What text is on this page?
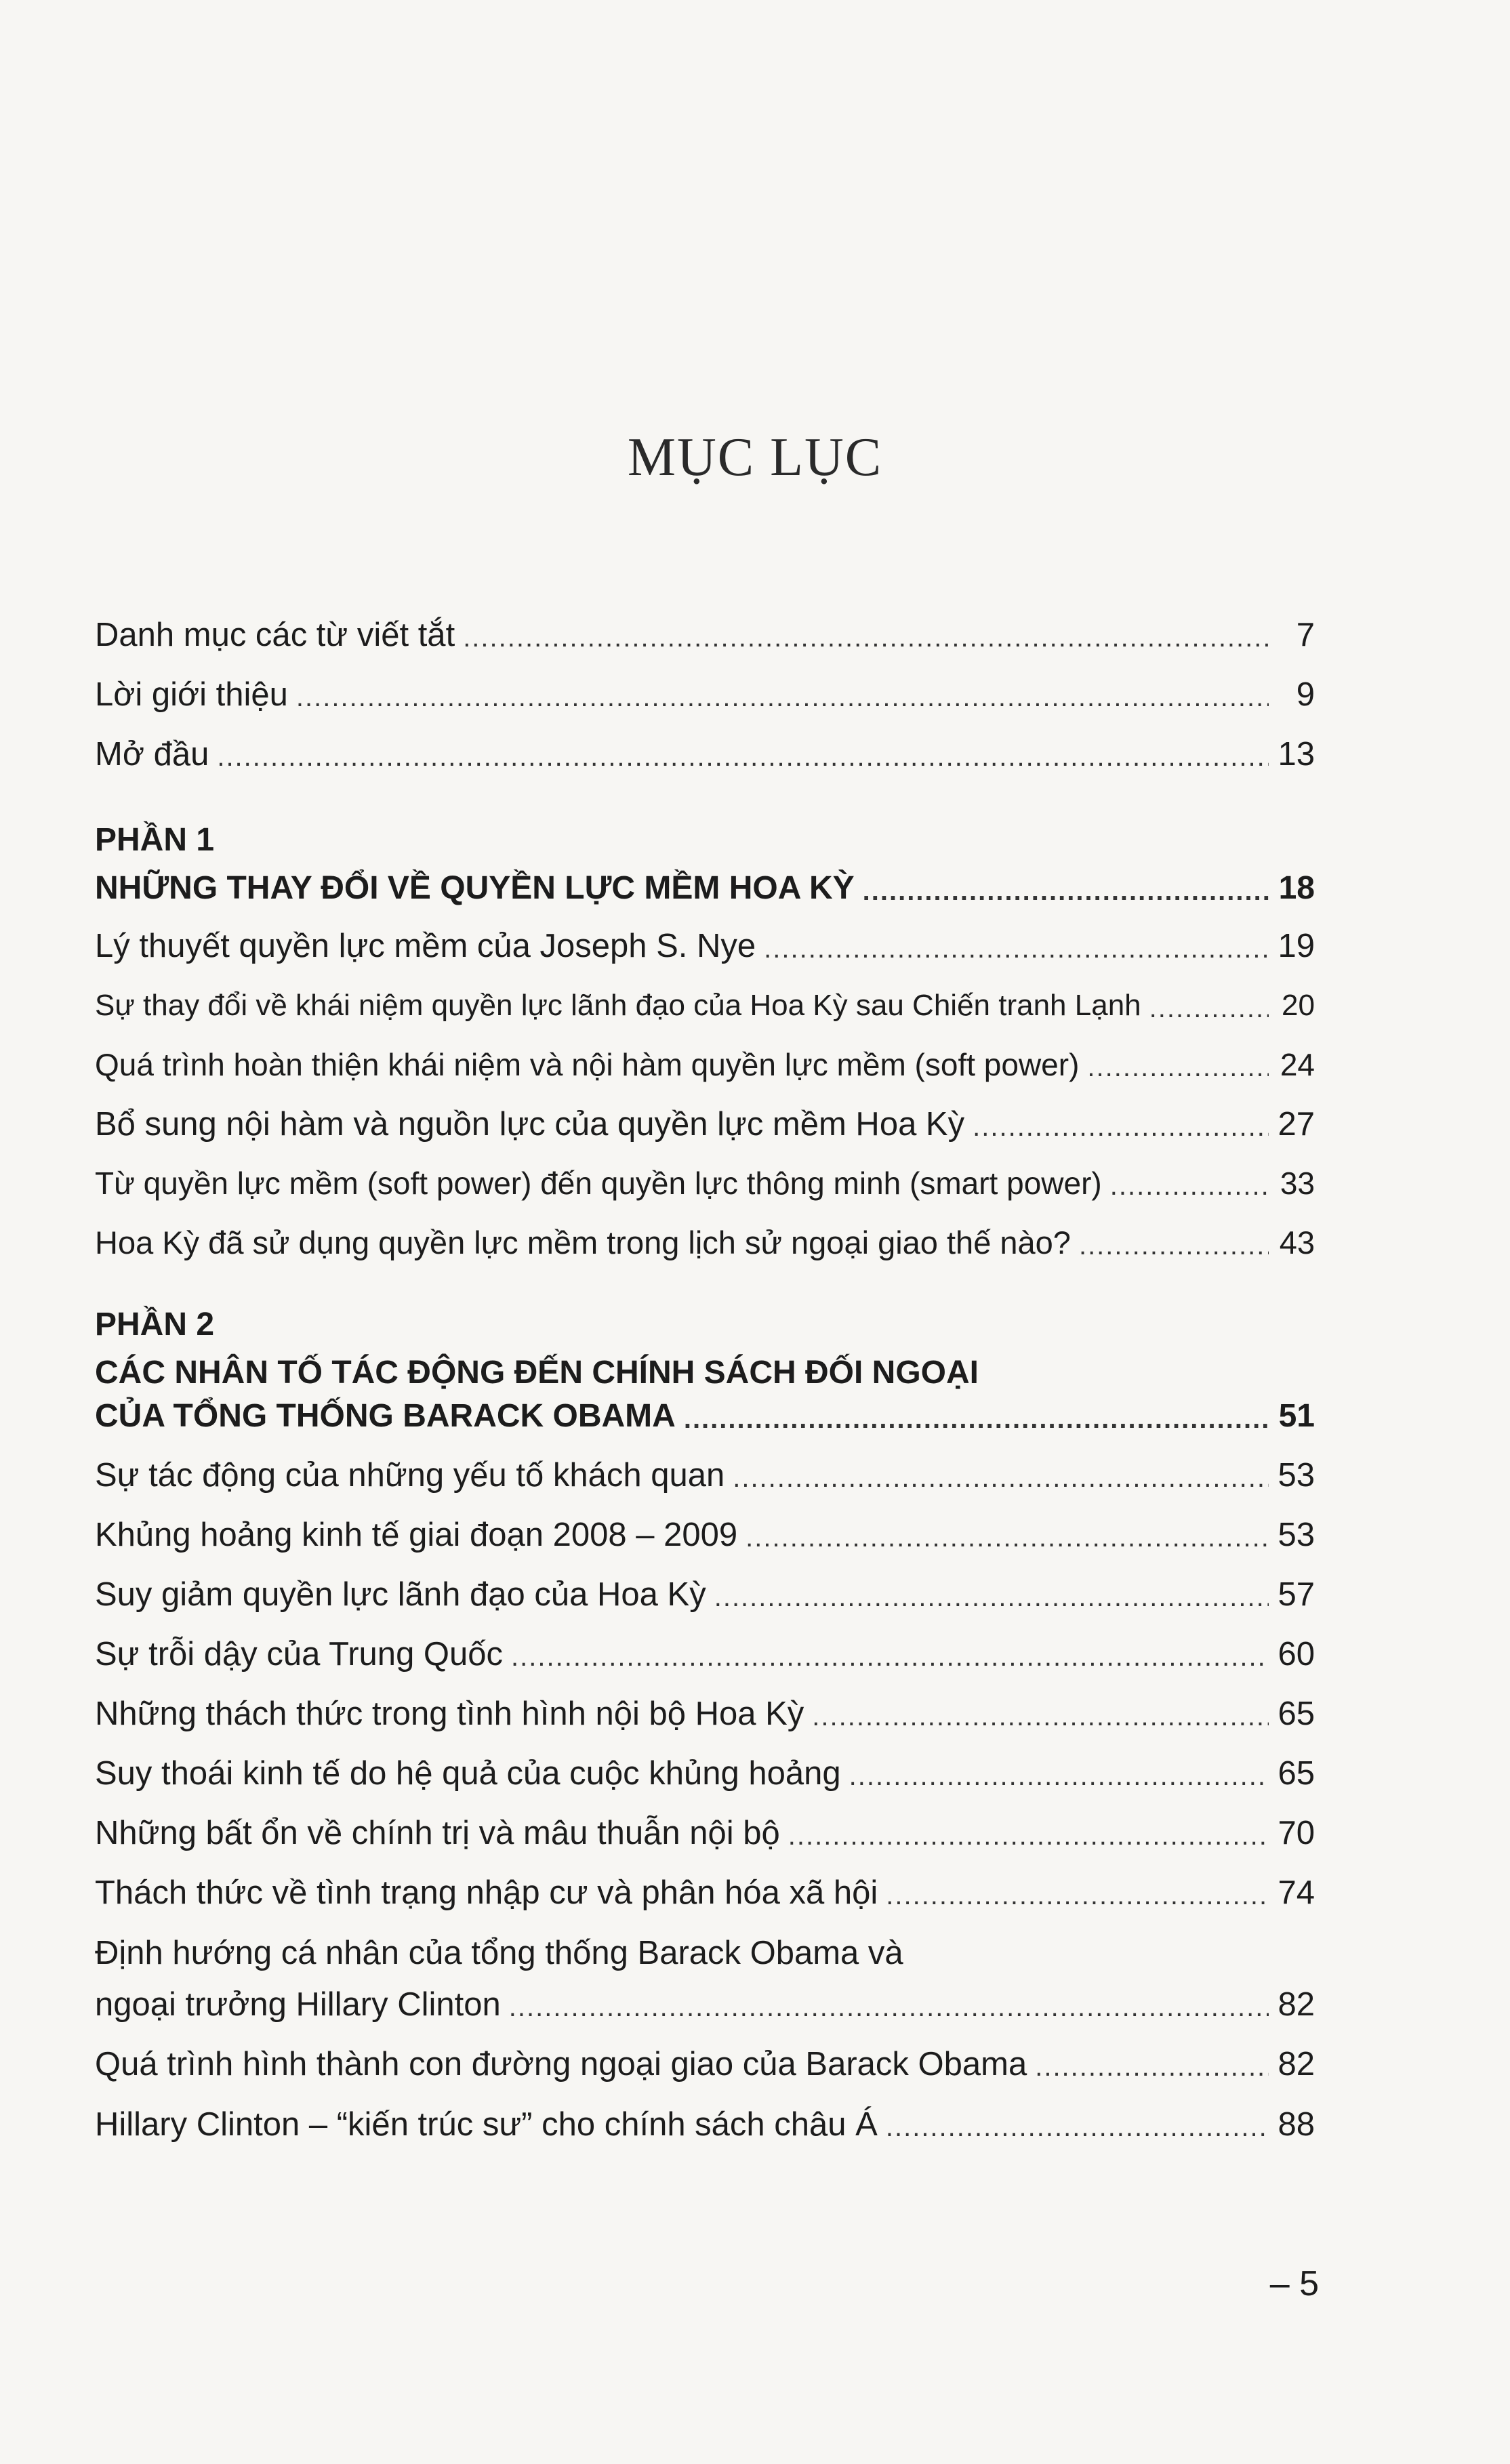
MỤC LỤC
Danh mục các từ viết tắt .....	7
Lời giới thiệu .....	9
Mở đầu .....	13
PHẦN 1
NHỮNG THAY ĐỔI VỀ QUYỀN LỰC MỀM HOA KỲ .....	18
Lý thuyết quyền lực mềm của Joseph S. Nye .....	19
Sự thay đổi về khái niệm quyền lực lãnh đạo của Hoa Kỳ sau Chiến tranh Lạnh .....	20
Quá trình hoàn thiện khái niệm và nội hàm quyền lực mềm (soft power) .....	24
Bổ sung nội hàm và nguồn lực của quyền lực mềm Hoa Kỳ .....	27
Từ quyền lực mềm (soft power) đến quyền lực thông minh (smart power) .....	33
Hoa Kỳ đã sử dụng quyền lực mềm trong lịch sử ngoại giao thế nào? .....	43
PHẦN 2
CÁC NHÂN TỐ TÁC ĐỘNG ĐẾN CHÍNH SÁCH ĐỐI NGOẠI
CỦA TỔNG THỐNG BARACK OBAMA .....	51
Sự tác động của những yếu tố khách quan .....	53
Khủng hoảng kinh tế giai đoạn 2008 – 2009 .....	53
Suy giảm quyền lực lãnh đạo của Hoa Kỳ .....	57
Sự trỗi dậy của Trung Quốc .....	60
Những thách thức trong tình hình nội bộ Hoa Kỳ .....	65
Suy thoái kinh tế do hệ quả của cuộc khủng hoảng .....	65
Những bất ổn về chính trị và mâu thuẫn nội bộ .....	70
Thách thức về tình trạng nhập cư và phân hóa xã hội .....	74
Định hướng cá nhân của tổng thống Barack Obama và
ngoại trưởng Hillary Clinton .....	82
Quá trình hình thành con đường ngoại giao của Barack Obama .....	82
Hillary Clinton – “kiến trúc sư” cho chính sách châu Á .....	88
– 5
